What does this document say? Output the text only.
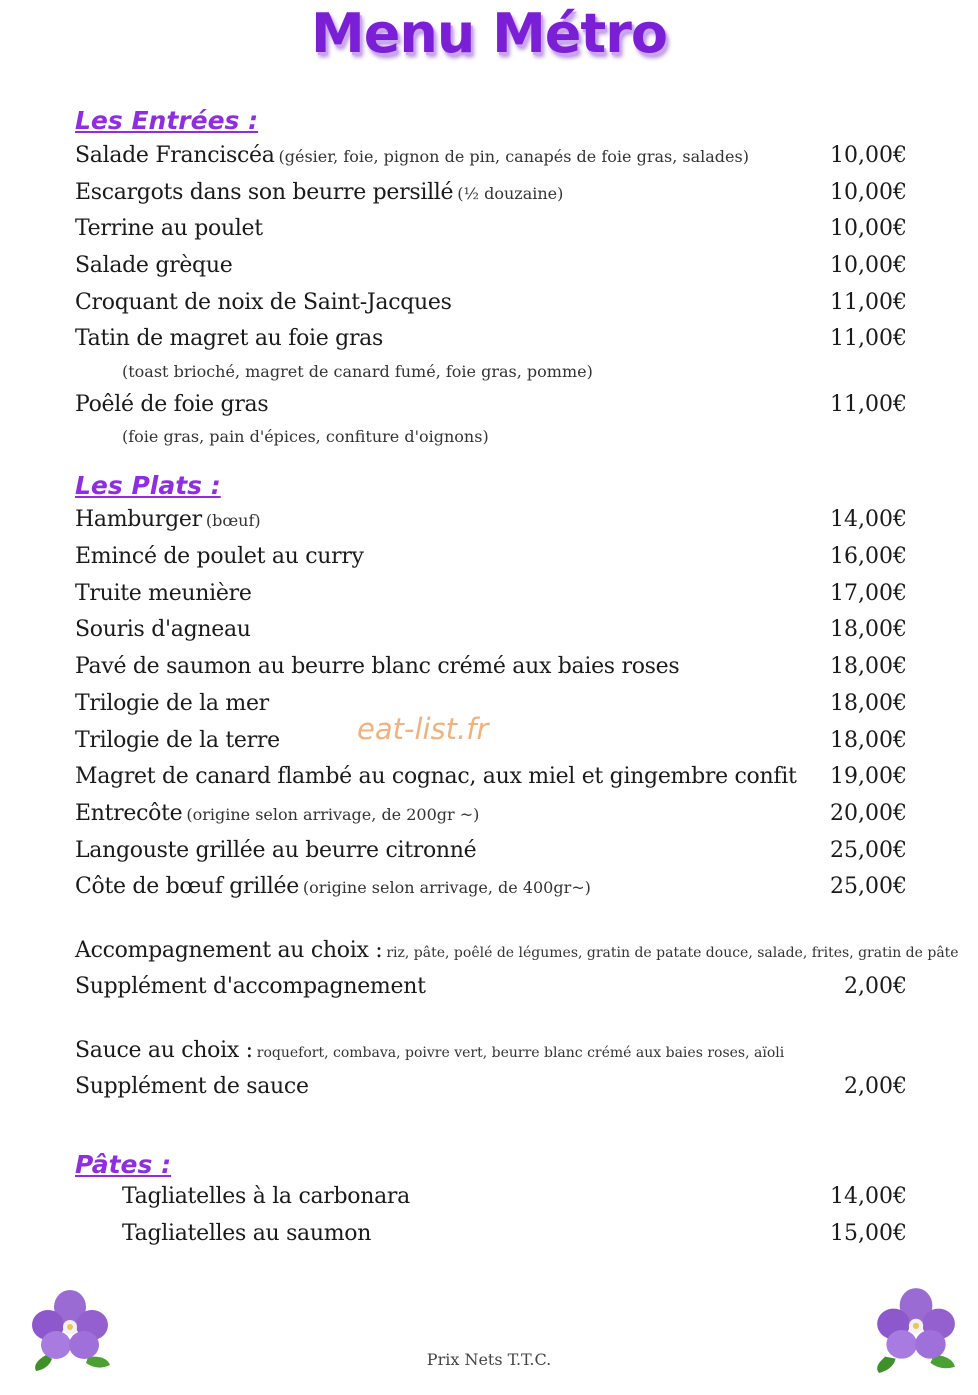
Menu Métro
Les Entrées :
Salade Franciscéa (gésier, foie, pignon de pin, canapés de foie gras, salades)	10,00€
Escargots dans son beurre persillé (½ douzaine)	10,00€
Terrine au poulet	10,00€
Salade grèque	10,00€
Croquant de noix de Saint-Jacques	11,00€
Tatin de magret au foie gras	11,00€
(toast brioché, magret de canard fumé, foie gras, pomme)
Poêlé de foie gras	11,00€
(foie gras, pain d'épices, confiture d'oignons)
Les Plats :
Hamburger (bœuf)	14,00€
Emincé de poulet au curry	16,00€
Truite meunière	17,00€
Souris d'agneau	18,00€
Pavé de saumon au beurre blanc crémé aux baies roses	18,00€
Trilogie de la mer	18,00€
Trilogie de la terre	18,00€
Magret de canard flambé au cognac, aux miel et gingembre confit 19,00€
Entrecôte (origine selon arrivage, de 200gr ~)	20,00€
Langouste grillée au beurre citronné	25,00€
Côte de bœuf grillée (origine selon arrivage, de 400gr~)	25,00€
Accompagnement au choix : riz, pâte, poêlé de légumes, gratin de patate douce, salade, frites, gratin de pâte
Supplément d'accompagnement	2,00€
Sauce au choix : roquefort, combava, poivre vert, beurre blanc crémé aux baies roses, aïoli
Supplément de sauce	2,00€
Pâtes :
Tagliatelles à la carbonara	14,00€
Tagliatelles au saumon	15,00€
eat-list.fr
Prix Nets T.T.C.
